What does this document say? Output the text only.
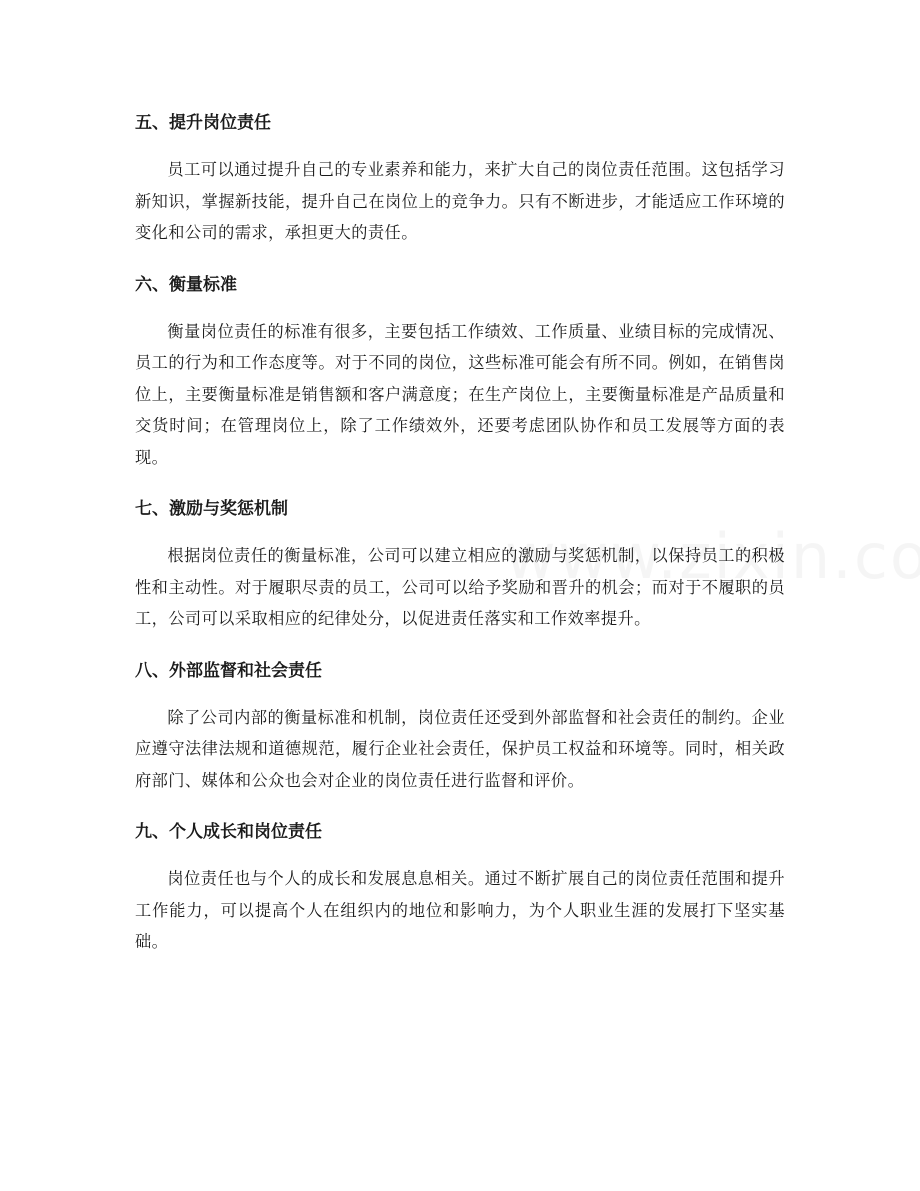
五、提升岗位责任

员工可以通过提升自己的专业素养和能力，来扩大自己的岗位责任范围。这包括学习新知识，掌握新技能，提升自己在岗位上的竞争力。只有不断进步，才能适应工作环境的变化和公司的需求，承担更大的责任。

六、衡量标准

衡量岗位责任的标准有很多，主要包括工作绩效、工作质量、业绩目标的完成情况、员工的行为和工作态度等。对于不同的岗位，这些标准可能会有所不同。例如，在销售岗位上，主要衡量标准是销售额和客户满意度；在生产岗位上，主要衡量标准是产品质量和交货时间；在管理岗位上，除了工作绩效外，还要考虑团队协作和员工发展等方面的表现。

七、激励与奖惩机制

根据岗位责任的衡量标准，公司可以建立相应的激励与奖惩机制，以保持员工的积极性和主动性。对于履职尽责的员工，公司可以给予奖励和晋升的机会；而对于不履职的员工，公司可以采取相应的纪律处分，以促进责任落实和工作效率提升。

八、外部监督和社会责任

除了公司内部的衡量标准和机制，岗位责任还受到外部监督和社会责任的制约。企业应遵守法律法规和道德规范，履行企业社会责任，保护员工权益和环境等。同时，相关政府部门、媒体和公众也会对企业的岗位责任进行监督和评价。

九、个人成长和岗位责任

岗位责任也与个人的成长和发展息息相关。通过不断扩展自己的岗位责任范围和提升工作能力，可以提高个人在组织内的地位和影响力，为个人职业生涯的发展打下坚实基础。
